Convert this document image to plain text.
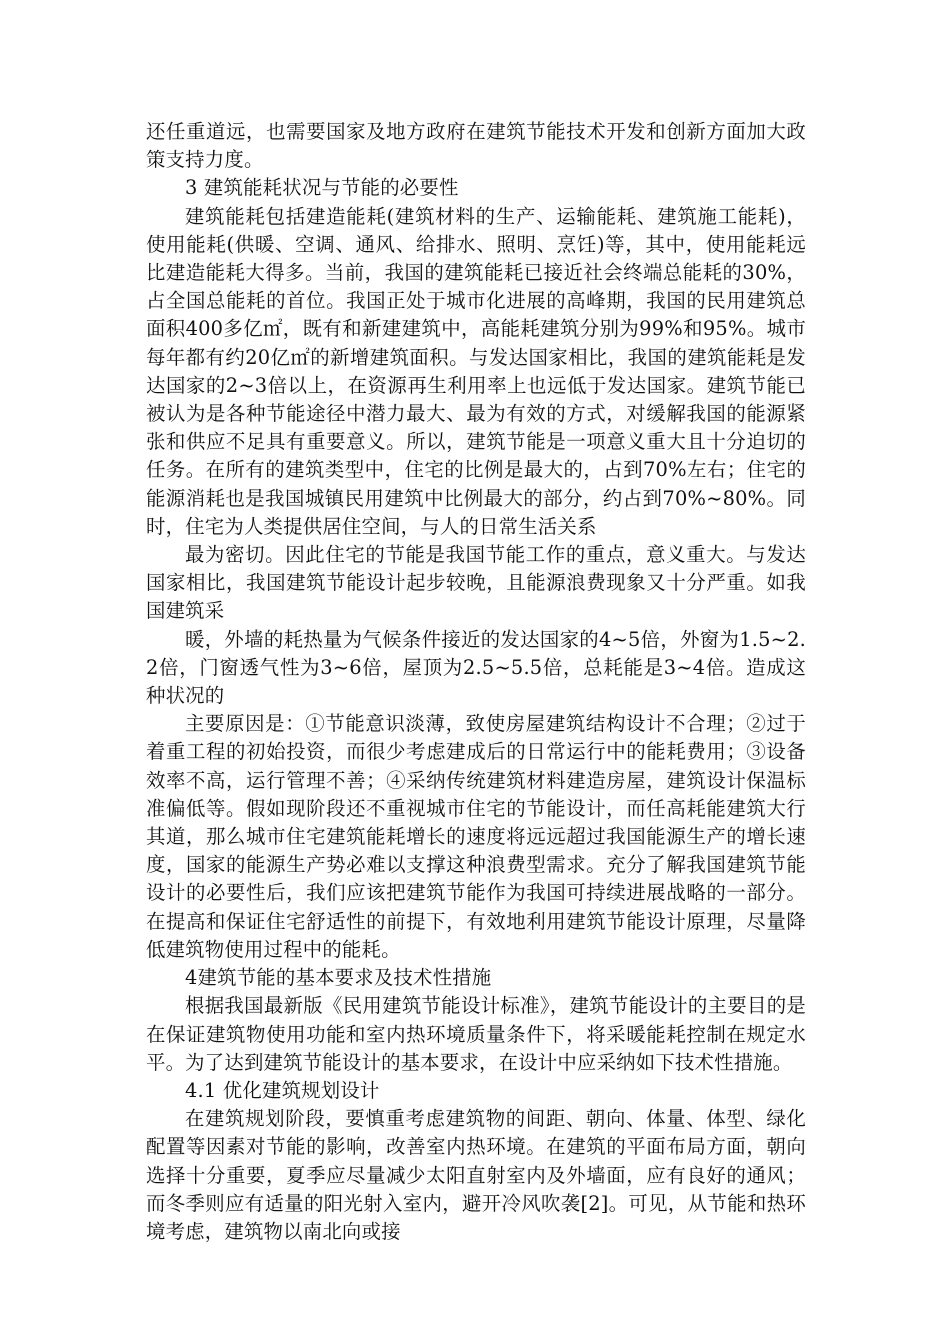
还任重道远，也需要国家及地方政府在建筑节能技术开发和创新方面加大政策支持力度。

3 建筑能耗状况与节能的必要性

建筑能耗包括建造能耗(建筑材料的生产、运输能耗、建筑施工能耗)，使用能耗(供暖、空调、通风、给排水、照明、烹饪)等，其中，使用能耗远比建造能耗大得多。当前，我国的建筑能耗已接近社会终端总能耗的30%，占全国总能耗的首位。我国正处于城市化进展的高峰期，我国的民用建筑总面积400多亿㎡，既有和新建建筑中，高能耗建筑分别为99%和95%。城市每年都有约20亿㎡的新增建筑面积。与发达国家相比，我国的建筑能耗是发达国家的2~3倍以上，在资源再生利用率上也远低于发达国家。建筑节能已被认为是各种节能途径中潜力最大、最为有效的方式，对缓解我国的能源紧张和供应不足具有重要意义。所以，建筑节能是一项意义重大且十分迫切的任务。在所有的建筑类型中，住宅的比例是最大的，占到70%左右；住宅的能源消耗也是我国城镇民用建筑中比例最大的部分，约占到70%~80%。同时，住宅为人类提供居住空间，与人的日常生活关系

最为密切。因此住宅的节能是我国节能工作的重点，意义重大。与发达国家相比，我国建筑节能设计起步较晚，且能源浪费现象又十分严重。如我国建筑采

暖，外墙的耗热量为气候条件接近的发达国家的4~5倍，外窗为1.5~2.2倍，门窗透气性为3~6倍，屋顶为2.5~5.5倍，总耗能是3~4倍。造成这种状况的

主要原因是：①节能意识淡薄，致使房屋建筑结构设计不合理；②过于着重工程的初始投资，而很少考虑建成后的日常运行中的能耗费用；③设备效率不高，运行管理不善；④采纳传统建筑材料建造房屋，建筑设计保温标准偏低等。假如现阶段还不重视城市住宅的节能设计，而任高耗能建筑大行其道，那么城市住宅建筑能耗增长的速度将远远超过我国能源生产的增长速度，国家的能源生产势必难以支撑这种浪费型需求。充分了解我国建筑节能设计的必要性后，我们应该把建筑节能作为我国可持续进展战略的一部分。在提高和保证住宅舒适性的前提下，有效地利用建筑节能设计原理，尽量降低建筑物使用过程中的能耗。

4建筑节能的基本要求及技术性措施

根据我国最新版《民用建筑节能设计标准》，建筑节能设计的主要目的是在保证建筑物使用功能和室内热环境质量条件下，将采暖能耗控制在规定水平。为了达到建筑节能设计的基本要求，在设计中应采纳如下技术性措施。

4.1 优化建筑规划设计

在建筑规划阶段，要慎重考虑建筑物的间距、朝向、体量、体型、绿化配置等因素对节能的影响，改善室内热环境。在建筑的平面布局方面，朝向选择十分重要，夏季应尽量减少太阳直射室内及外墙面，应有良好的通风；而冬季则应有适量的阳光射入室内，避开冷风吹袭[2]。可见，从节能和热环境考虑，建筑物以南北向或接
